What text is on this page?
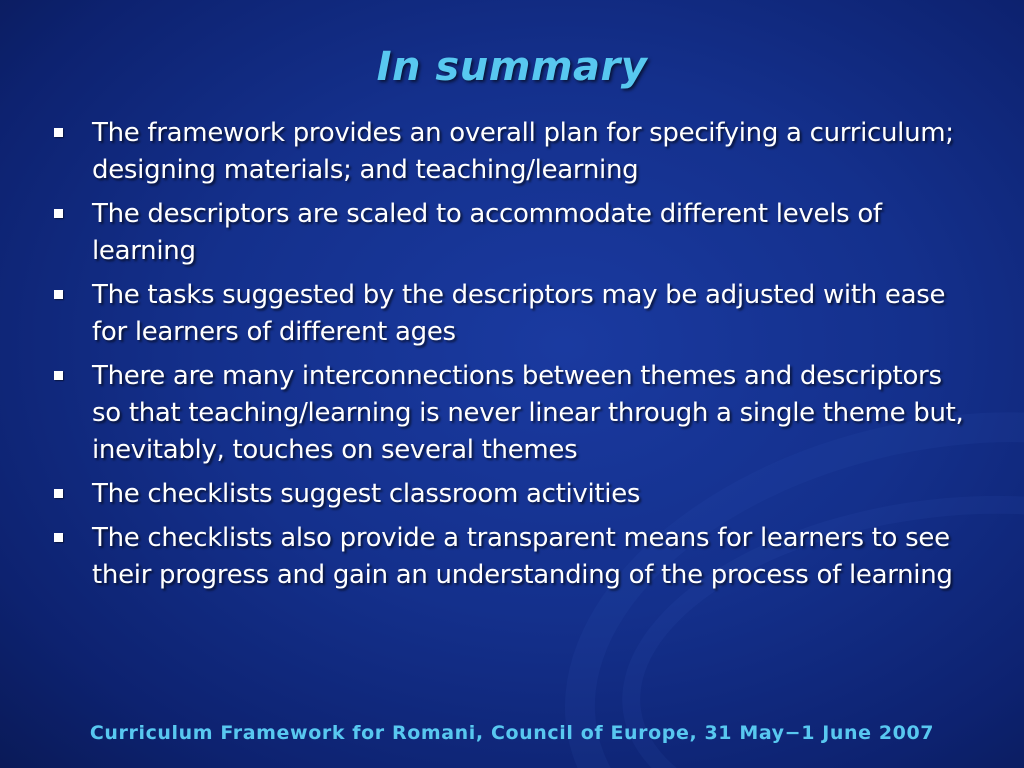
In summary
The framework provides an overall plan for specifying a curriculum; designing materials; and teaching/learning
The descriptors are scaled to accommodate different levels of learning
The tasks suggested by the descriptors may be adjusted with ease for learners of different ages
There are many interconnections between themes and descriptors so that teaching/learning is never linear through a single theme but, inevitably, touches on several themes
The checklists suggest classroom activities
The checklists also provide a transparent means for learners to see their progress and gain an understanding of the process of learning
Curriculum Framework for Romani, Council of Europe, 31 May−1 June 2007
